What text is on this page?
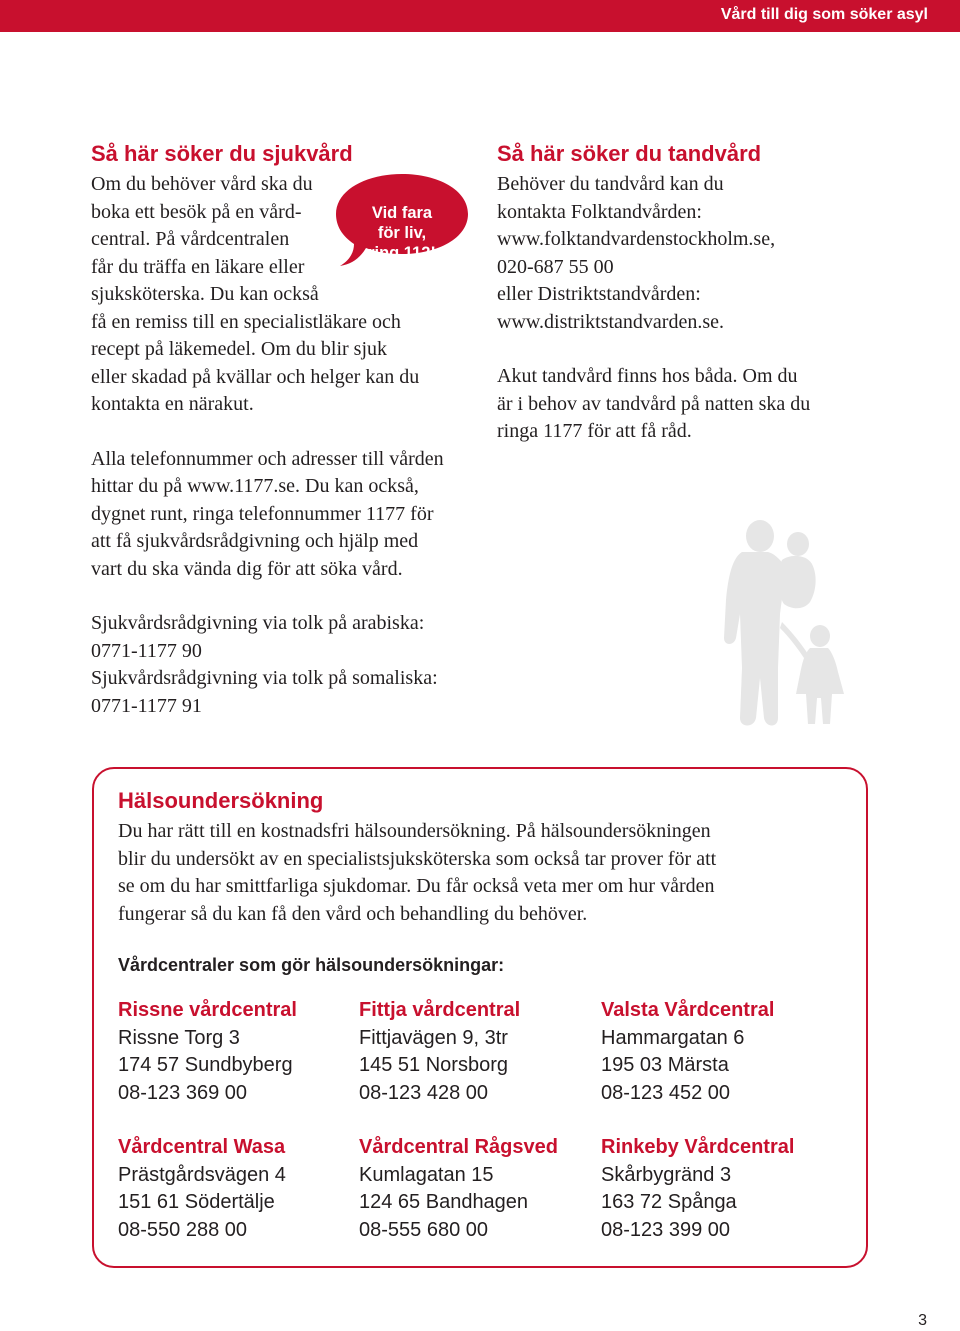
Vård till dig som söker asyl
Så här söker du sjukvård

Om du behöver vård ska du

boka ett besök på en vård-

central. På vårdcentralen

får du träffa en läkare eller

sjuksköterska. Du kan också

få en remiss till en specialistläkare och

recept på läkemedel. Om du blir sjuk

eller skadad på kvällar och helger kan du

kontakta en närakut.

Alla telefonnummer och adresser till vården

hittar du på www.1177.se. Du kan också,

dygnet runt, ringa telefonnummer 1177 för

att få sjukvårdsrådgivning och hjälp med

vart du ska vända dig för att söka vård.

Sjukvårdsrådgivning via tolk på arabiska:

0771-1177 90

Sjukvårdsrådgivning via tolk på somaliska:

0771-1177 91

Vid fara
för liv,
ring 112!
Så här söker du tandvård

Behöver du tandvård kan du

kontakta Folktandvården:

www.folktandvardenstockholm.se,

020-687 55 00

eller Distriktstandvården:

www.distriktstandvarden.se.

Akut tandvård finns hos båda. Om du

är i behov av tandvård på natten ska du

ringa 1177 för att få råd.

Hälsoundersökning

Du har rätt till en kostnadsfri hälsoundersökning. På hälsoundersökningen

blir du undersökt av en specialistsjuksköterska som också tar prover för att

se om du har smittfarliga sjukdomar. Du får också veta mer om hur vården

fungerar så du kan få den vård och behandling du behöver.

Vårdcentraler som gör hälsoundersökningar:

Rissne vårdcentral
Rissne Torg 3
174 57 Sundbyberg
08-123 369 00
Fittja vårdcentral
Fittjavägen 9, 3tr
145 51 Norsborg
08-123 428 00
Valsta Vårdcentral
Hammargatan 6
195 03 Märsta
08-123 452 00
Vårdcentral Wasa
Prästgårdsvägen 4
151 61 Södertälje
08-550 288 00
Vårdcentral Rågsved
Kumlagatan 15
124 65 Bandhagen
08-555 680 00
Rinkeby Vårdcentral
Skårbygränd 3
163 72 Spånga
08-123 399 00
3
